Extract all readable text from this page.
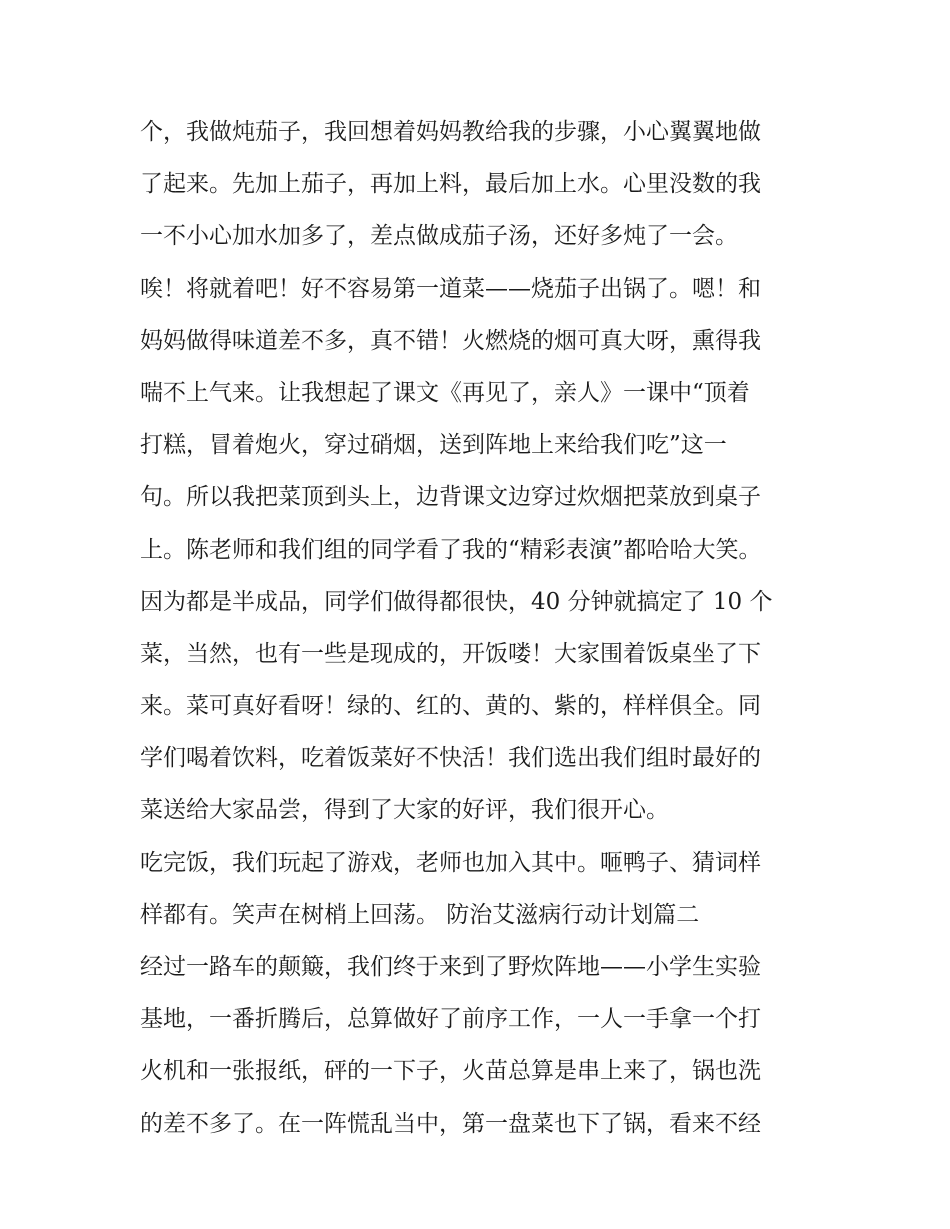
个，我做炖茄子，我回想着妈妈教给我的步骤，小心翼翼地做
了起来。先加上茄子，再加上料，最后加上水。心里没数的我
一不小心加水加多了，差点做成茄子汤，还好多炖了一会。
唉！将就着吧！好不容易第一道菜——烧茄子出锅了。嗯！和
妈妈做得味道差不多，真不错！火燃烧的烟可真大呀，熏得我
喘不上气来。让我想起了课文《再见了，亲人》一课中“顶着
打糕，冒着炮火，穿过硝烟，送到阵地上来给我们吃”这一
句。所以我把菜顶到头上，边背课文边穿过炊烟把菜放到桌子
上。陈老师和我们组的同学看了我的“精彩表演”都哈哈大笑。
因为都是半成品，同学们做得都很快，40 分钟就搞定了 10 个
菜，当然，也有一些是现成的，开饭喽！大家围着饭桌坐了下
来。菜可真好看呀！绿的、红的、黄的、紫的，样样俱全。同
学们喝着饮料，吃着饭菜好不快活！我们选出我们组时最好的
菜送给大家品尝，得到了大家的好评，我们很开心。
吃完饭，我们玩起了游戏，老师也加入其中。咂鸭子、猜词样
样都有。笑声在树梢上回荡。 防治艾滋病行动计划篇二
经过一路车的颠簸，我们终于来到了野炊阵地——小学生实验
基地，一番折腾后，总算做好了前序工作，一人一手拿一个打
火机和一张报纸，砰的一下子，火苗总算是串上来了，锅也洗
的差不多了。在一阵慌乱当中，第一盘菜也下了锅，看来不经
